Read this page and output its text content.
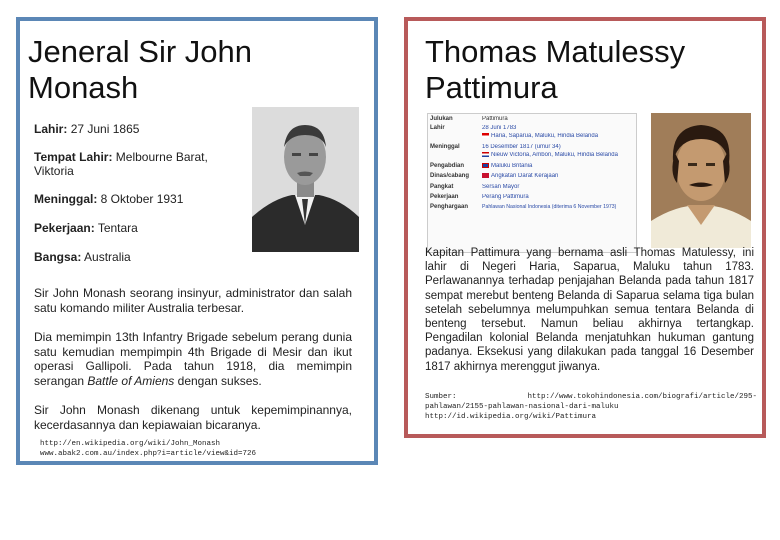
Jeneral Sir John
Monash
Lahir: 27 Juni 1865
Tempat Lahir: Melbourne Barat, Viktoria
Meninggal: 8 Oktober 1931
Pekerjaan: Tentara
Bangsa: Australia
Sir John Monash seorang insinyur, administrator dan salah satu komando militer Australia terbesar.
Dia memimpin 13th Infantry Brigade sebelum perang dunia satu kemudian mempimpin 4th Brigade di Mesir dan ikut operasi Gallipoli. Pada tahun 1918, dia memimpin serangan Battle of Amiens dengan sukses.
Sir John Monash dikenang untuk kepemimpinannya, kecerdasannya dan kepiawaian bicaranya.
http://en.wikipedia.org/wiki/John_Monash
www.abak2.com.au/index.php?i=article/view&id=726
Thomas Matulessy
Pattimura
Julukan	Pattimura
Lahir	28 Juni 1783
Haria, Saparua, Maluku, Hindia Belanda
Meninggal	16 Desember 1817 (umur 34)
Nieuw Victoria, Ambon, Maluku, Hindia Belanda
Pengabdian	Maluku Britania
Dinas/cabang	Angkatan Darat Kerajaan
Pangkat	Sersan Mayor
Pekerjaan	Perang Pattimura
Penghargaan	Pahlawan Nasional Indonesia (diterima 6 November 1973)
Kapitan Pattimura yang bernama asli Thomas Matulessy, ini lahir di Negeri Haria, Saparua, Maluku tahun 1783. Perlawanannya terhadap penjajahan Belanda pada tahun 1817 sempat merebut benteng Belanda di Saparua selama tiga bulan setelah sebelumnya melumpuhkan semua tentara Belanda di benteng tersebut. Namun beliau akhirnya tertangkap. Pengadilan kolonial Belanda menjatuhkan hukuman gantung padanya. Eksekusi yang dilakukan pada tanggal 16 Desember 1817 akhirnya merenggut jiwanya.
Sumber:	http://www.tokohindonesia.com/biografi/article/295-pahlawan/2155-pahlawan-nasional-dari-maluku
http://id.wikipedia.org/wiki/Pattimura
